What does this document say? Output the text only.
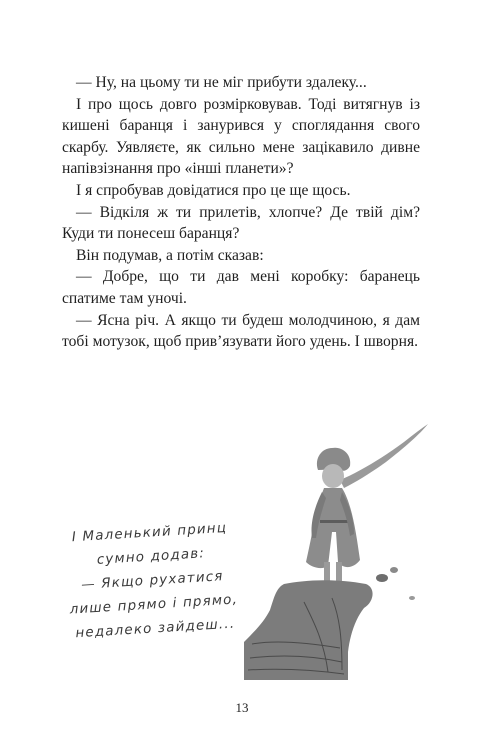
— Ну, на цьому ти не міг прибути здалеку...

І про щось довго розмірковував. Тоді витягнув із кишені баранця і занурився у споглядання свого скарбу. Уявляєте, як сильно мене зацікавило дивне напівзізнання про «інші планети»?

І я спробував довідатися про це ще щось.

— Відкіля ж ти прилетів, хлопче? Де твій дім? Куди ти понесеш баранця?

Він подумав, а потім сказав:

— Добре, що ти дав мені коробку: баранець спатиме там уночі.

— Ясна річ. А якщо ти будеш молодчиною, я дам тобі мотузок, щоб прив’язувати його удень. І шворня.

І Маленький принц
сумно додав:
— Якщо рухатися
лише прямо і прямо,
недалеко зайдеш...
13
